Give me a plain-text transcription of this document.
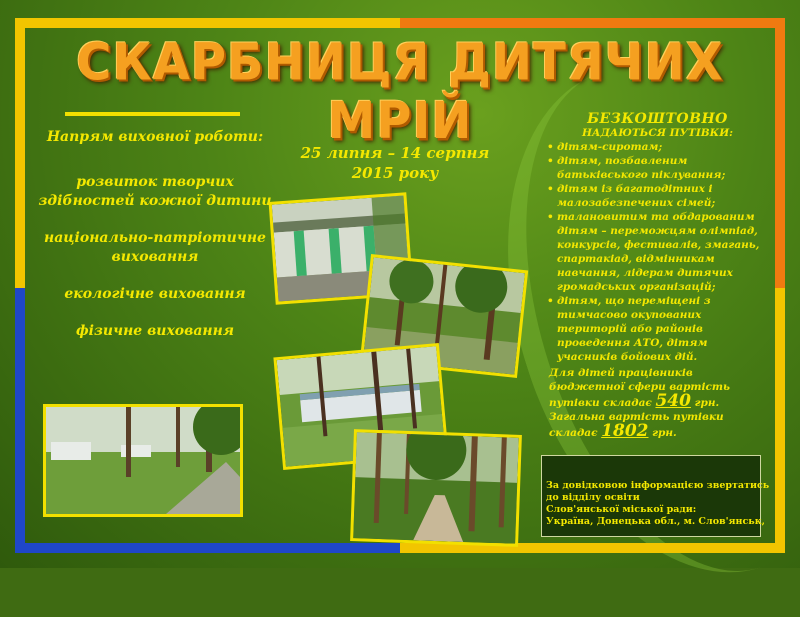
СКАРБНИЦЯ ДИТЯЧИХ МРІЙ

Напрям виховної роботи:

розвиток творчих здібностей кожної дитини

національно-патріотичне виховання

екологічне виховання

фізичне виховання

25 липня – 14 серпня
2015 року
БЕЗКОШТОВНО
НАДАЮТЬСЯ ПУТІВКИ:
• дітям-сиротам;
• дітям, позбавленим батьківського піклування;
• дітям із багатодітних і малозабезпечених сімей;
• талановитим та обдарованим дітям – переможцям олімпіад, конкурсів, фестивалів, змагань, спартакіад, відмінникам навчання, лідерам дитячих громадських організацій;
• дітям, що переміщені з тимчасово окупованих територій або районів проведення АТО, дітям учасників бойових дій.
Для дітей працівників бюджетної сфери вартість путівки складає 540 грн. Загальна вартість путівки складає 1802 грн.
За довідковою інформацією звертатись
до відділу освіти
Слов'янської міської ради:
Україна, Донецька обл., м. Слов'янськ,
